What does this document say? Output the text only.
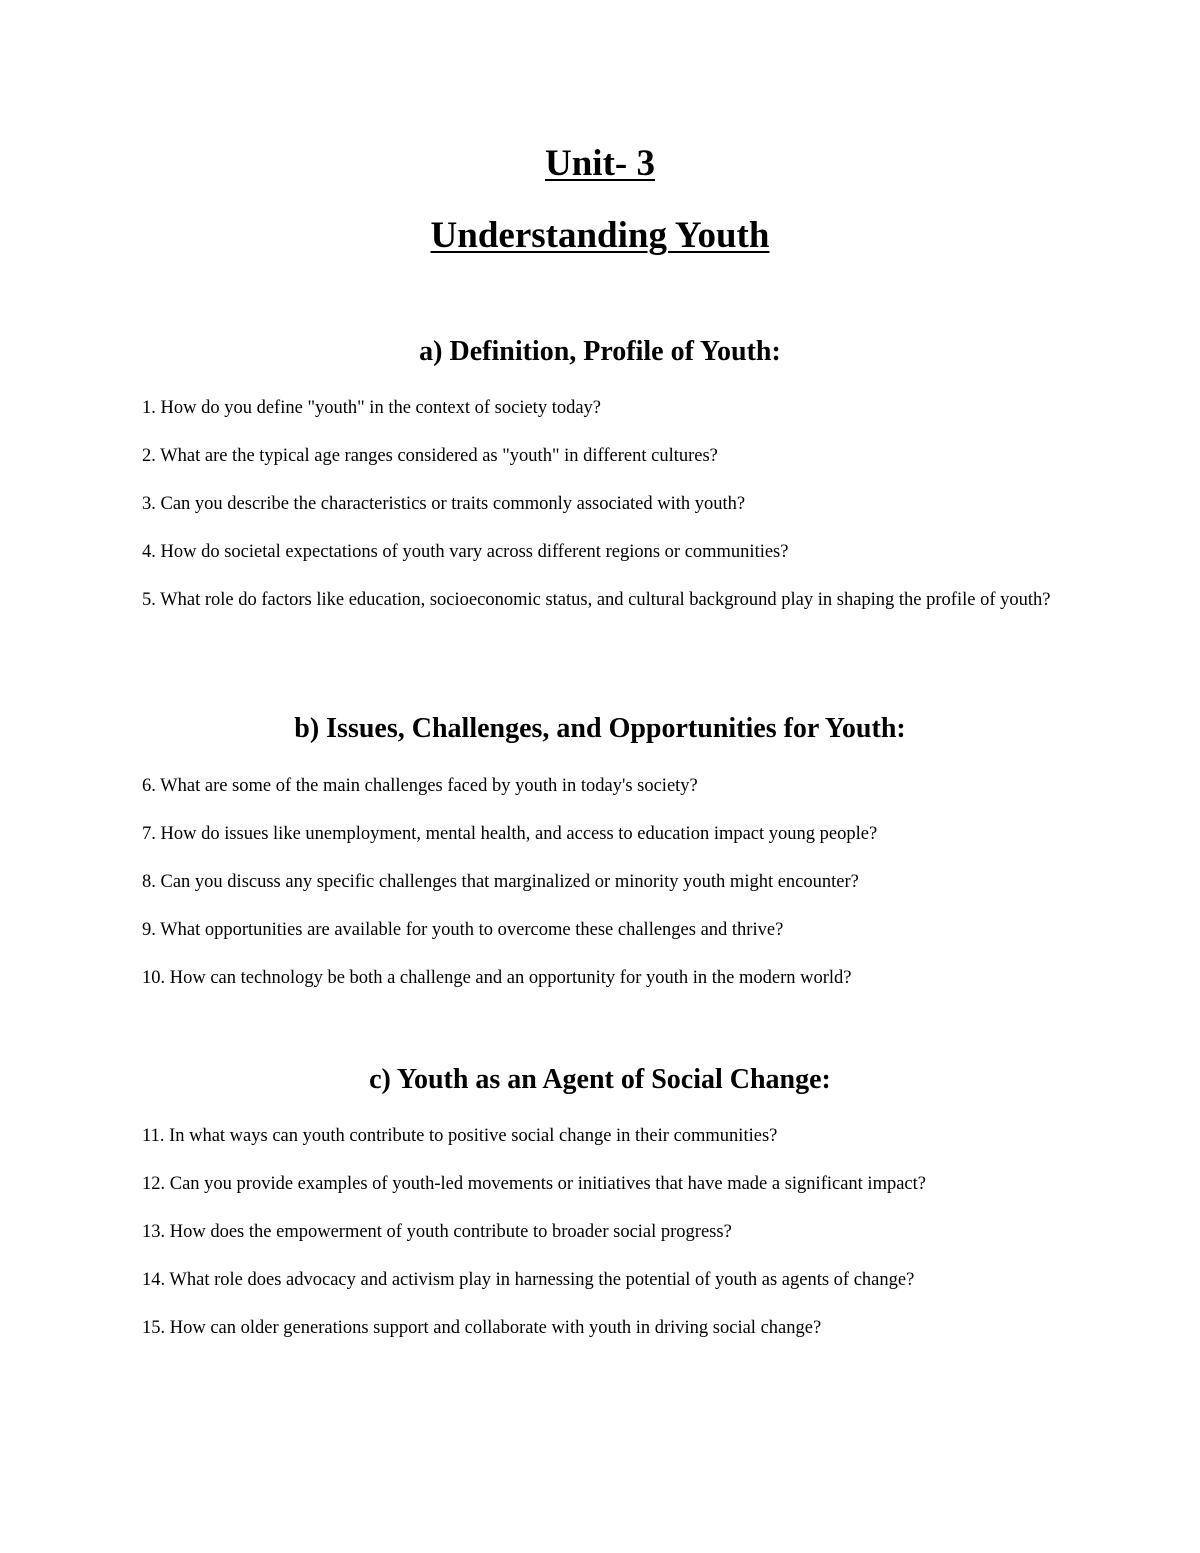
Unit- 3
Understanding Youth
a) Definition, Profile of Youth:
1. How do you define "youth" in the context of society today?
2. What are the typical age ranges considered as "youth" in different cultures?
3. Can you describe the characteristics or traits commonly associated with youth?
4. How do societal expectations of youth vary across different regions or communities?
5. What role do factors like education, socioeconomic status, and cultural background play in shaping the profile of youth?
b) Issues, Challenges, and Opportunities for Youth:
6. What are some of the main challenges faced by youth in today's society?
7. How do issues like unemployment, mental health, and access to education impact young people?
8. Can you discuss any specific challenges that marginalized or minority youth might encounter?
9. What opportunities are available for youth to overcome these challenges and thrive?
10. How can technology be both a challenge and an opportunity for youth in the modern world?
c) Youth as an Agent of Social Change:
11. In what ways can youth contribute to positive social change in their communities?
12. Can you provide examples of youth-led movements or initiatives that have made a significant impact?
13. How does the empowerment of youth contribute to broader social progress?
14. What role does advocacy and activism play in harnessing the potential of youth as agents of change?
15. How can older generations support and collaborate with youth in driving social change?
